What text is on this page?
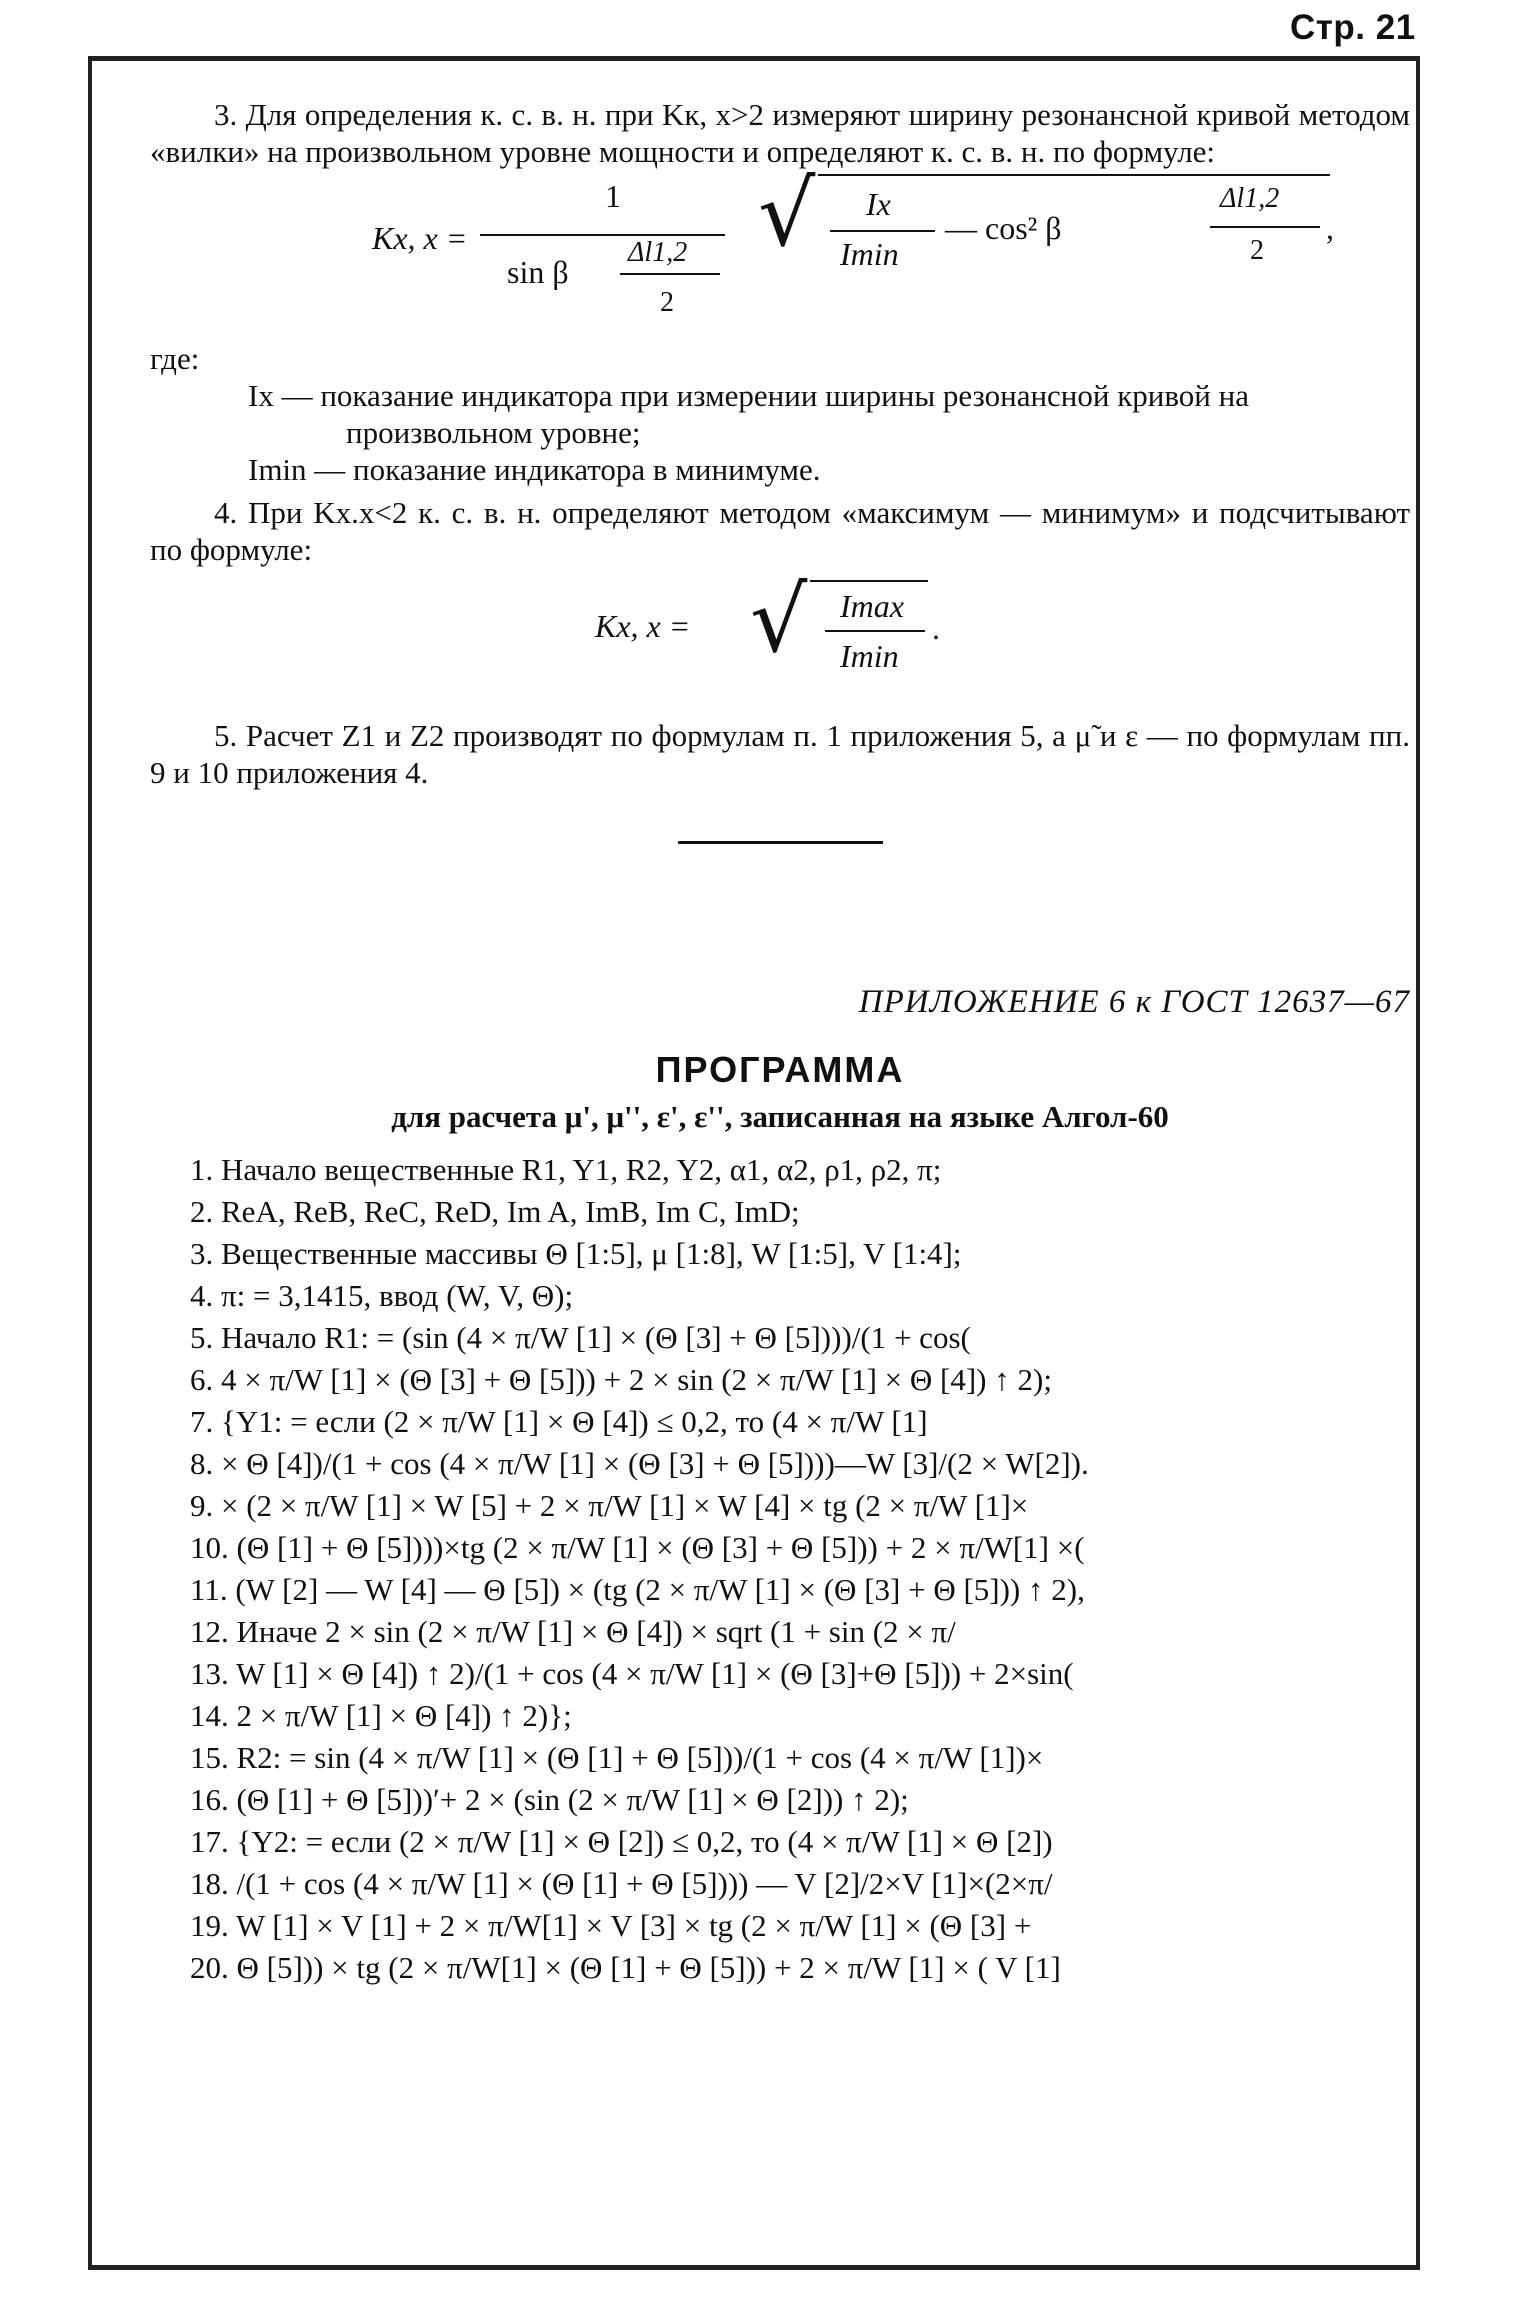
Стр. 21

3. Для определения к. с. в. н. при Kк, x>2 измеряют ширину резонансной кривой методом «вилки» на произвольном уровне мощности и определяют к. с. в. н. по формуле:

Kx, x =
1
sin β
Δl1,2
2
√ Ix
Imin
— cos² β
Δl1,2
2
,

где:

Ix — показание индикатора при измерении ширины резонансной кривой на произвольном уровне;

Imin — показание индикатора в минимуме.

4. При Kx.x<2 к. с. в. н. определяют методом «максимум — минимум» и подсчитывают по формуле:

Kx, x = √ Imax
Imin
.

5. Расчет Z1 и Z2 производят по формулам п. 1 приложения 5, а μ̃ и ε — по формулам пп. 9 и 10 приложения 4.

ПРИЛОЖЕНИЕ 6 к ГОСТ 12637—67

ПРОГРАММА

для расчета μ', μ'', ε', ε'', записанная на языке Алгол-60

1. Начало вещественные R1, Y1, R2, Y2, α1, α2, ρ1, ρ2, π;
2. ReA, ReB, ReC, ReD, Im A, ImB, Im C, ImD;
3. Вещественные массивы Θ [1:5], μ [1:8], W [1:5], V [1:4];
4. π: = 3,1415, ввод (W, V, Θ);
5. Начало R1: = (sin (4 × π/W [1] × (Θ [3] + Θ [5])))/(1 + cos(
6. 4 × π/W [1] × (Θ [3] + Θ [5])) + 2 × sin (2 × π/W [1] × Θ [4]) ↑ 2);
7. {Y1: = если (2 × π/W [1] × Θ [4]) ≤ 0,2, то (4 × π/W [1]
8. × Θ [4])/(1 + cos (4 × π/W [1] × (Θ [3] + Θ [5])))—W [3]/(2 × W[2]).
9. × (2 × π/W [1] × W [5] + 2 × π/W [1] × W [4] × tg (2 × π/W [1]×
10. (Θ [1] + Θ [5])))×tg (2 × π/W [1] × (Θ [3] + Θ [5])) + 2 × π/W[1] ×(
11. (W [2] — W [4] — Θ [5]) × (tg (2 × π/W [1] × (Θ [3] + Θ [5])) ↑ 2),
12. Иначе 2 × sin (2 × π/W [1] × Θ [4]) × sqrt (1 + sin (2 × π/
13. W [1] × Θ [4]) ↑ 2)/(1 + cos (4 × π/W [1] × (Θ [3]+Θ [5])) + 2×sin(
14. 2 × π/W [1] × Θ [4]) ↑ 2)};
15. R2: = sin (4 × π/W [1] × (Θ [1] + Θ [5]))/(1 + cos (4 × π/W [1])×
16. (Θ [1] + Θ [5]))ʹ+ 2 × (sin (2 × π/W [1] × Θ [2])) ↑ 2);
17. {Y2: = если (2 × π/W [1] × Θ [2]) ≤ 0,2, то (4 × π/W [1] × Θ [2])
18. /(1 + cos (4 × π/W [1] × (Θ [1] + Θ [5]))) — V [2]/2×V [1]×(2×π/
19. W [1] × V [1] + 2 × π/W[1] × V [3] × tg (2 × π/W [1] × (Θ [3] +
20. Θ [5])) × tg (2 × π/W[1] × (Θ [1] + Θ [5])) + 2 × π/W [1] × ( V [1]
